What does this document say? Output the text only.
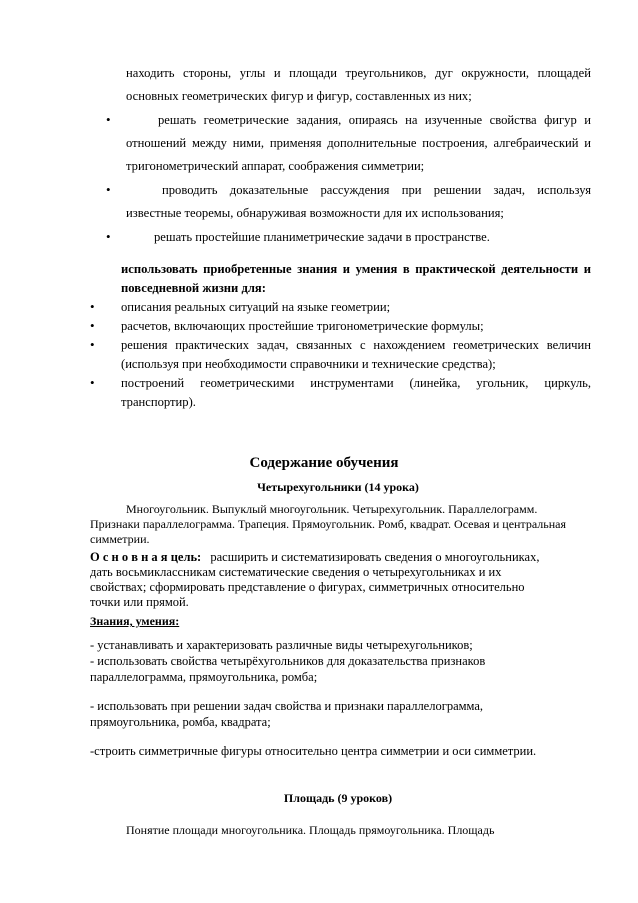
находить стороны, углы и площади треугольников, дуг окружности, площадей
основных геометрических фигур и фигур, составленных из них;
•	решать геометрические задания, опираясь на изученные свойства фигур и
отношений между ними, применяя дополнительные построения, алгебраический и
тригонометрический аппарат, соображения симметрии;
•	проводить доказательные рассуждения при решении задач, используя
известные теоремы, обнаруживая возможности для их использования;
•	решать простейшие планиметрические задачи в пространстве.
использовать приобретенные знания и умения в практической деятельности и
повседневной жизни для:
• описания реальных ситуаций на языке геометрии;
• расчетов, включающих простейшие тригонометрические формулы;
• решения практических задач, связанных с нахождением геометрических величин
(используя при необходимости справочники и технические средства);
• построений геометрическими инструментами (линейка, угольник, циркуль,
транспортир).
Содержание обучения
Четырехугольники (14 урока)
Многоугольник. Выпуклый многоугольник. Четырехугольник. Параллелограмм.
Признаки параллелограмма. Трапеция. Прямоугольник. Ромб, квадрат. Осевая и центральная
симметрии.
О с н о в н а я цель: расширить и систематизировать сведения о многоугольниках,
дать восьмиклассникам систематические сведения о четырехугольниках и их
свойствах; сформировать представление о фигурах, симметричных относительно
точки или прямой.
Знания, умения:
- устанавливать и характеризовать различные виды четырехугольников;
- использовать свойства четырёхугольников для доказательства признаков
параллелограмма, прямоугольника, ромба;
- использовать при решении задач свойства и признаки параллелограмма,
прямоугольника, ромба, квадрата;
-строить симметричные фигуры относительно центра симметрии и оси симметрии.
Площадь (9 уроков)
Понятие площади многоугольника. Площадь прямоугольника. Площадь
